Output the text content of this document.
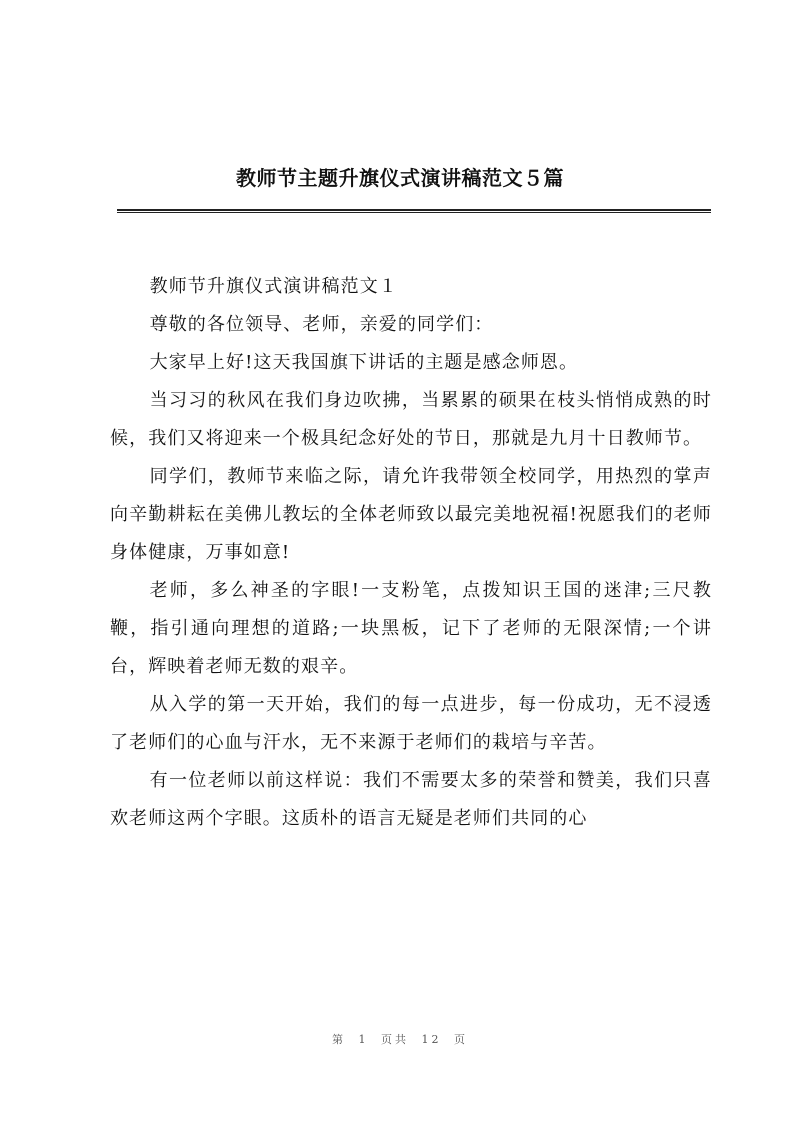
教师节主题升旗仪式演讲稿范文５篇

教师节升旗仪式演讲稿范文１

尊敬的各位领导、老师，亲爱的同学们：

大家早上好!这天我国旗下讲话的主题是感念师恩。

当习习的秋风在我们身边吹拂，当累累的硕果在枝头悄悄成熟的时候，我们又将迎来一个极具纪念好处的节日，那就是九月十日教师节。

同学们，教师节来临之际，请允许我带领全校同学，用热烈的掌声向辛勤耕耘在美佛儿教坛的全体老师致以最完美地祝福!祝愿我们的老师身体健康，万事如意!

老师，多么神圣的字眼!一支粉笔，点拨知识王国的迷津;三尺教鞭，指引通向理想的道路;一块黑板，记下了老师的无限深情;一个讲台，辉映着老师无数的艰辛。

从入学的第一天开始，我们的每一点进步，每一份成功，无不浸透了老师们的心血与汗水，无不来源于老师们的栽培与辛苦。

有一位老师以前这样说：我们不需要太多的荣誉和赞美，我们只喜欢老师这两个字眼。这质朴的语言无疑是老师们共同的心

第 1 页共 12 页
